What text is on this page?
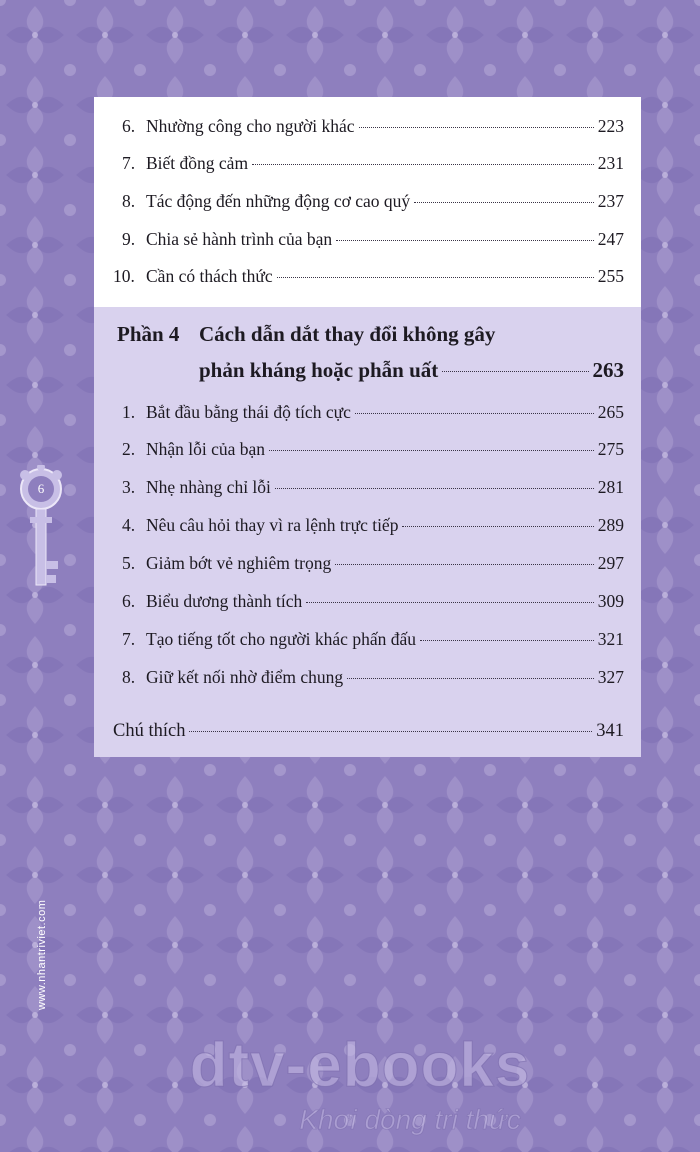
6. Nhường công cho người khác	223
7. Biết đồng cảm	231
8. Tác động đến những động cơ cao quý	237
9. Chia sẻ hành trình của bạn	247
10. Cần có thách thức	255
Phần 4 Cách dẫn dắt thay đổi không gây
phản kháng hoặc phẫn uất	263
1. Bắt đầu bằng thái độ tích cực	265
2. Nhận lỗi của bạn	275
3. Nhẹ nhàng chỉ lỗi	281
4. Nêu câu hỏi thay vì ra lệnh trực tiếp	289
5. Giảm bớt vẻ nghiêm trọng	297
6. Biểu dương thành tích	309
7. Tạo tiếng tốt cho người khác phấn đấu	321
8. Giữ kết nối nhờ điểm chung	327
Chú thích	341
6
www.nhantriviet.com
dtv-ebooks
Khơi dòng tri thức
